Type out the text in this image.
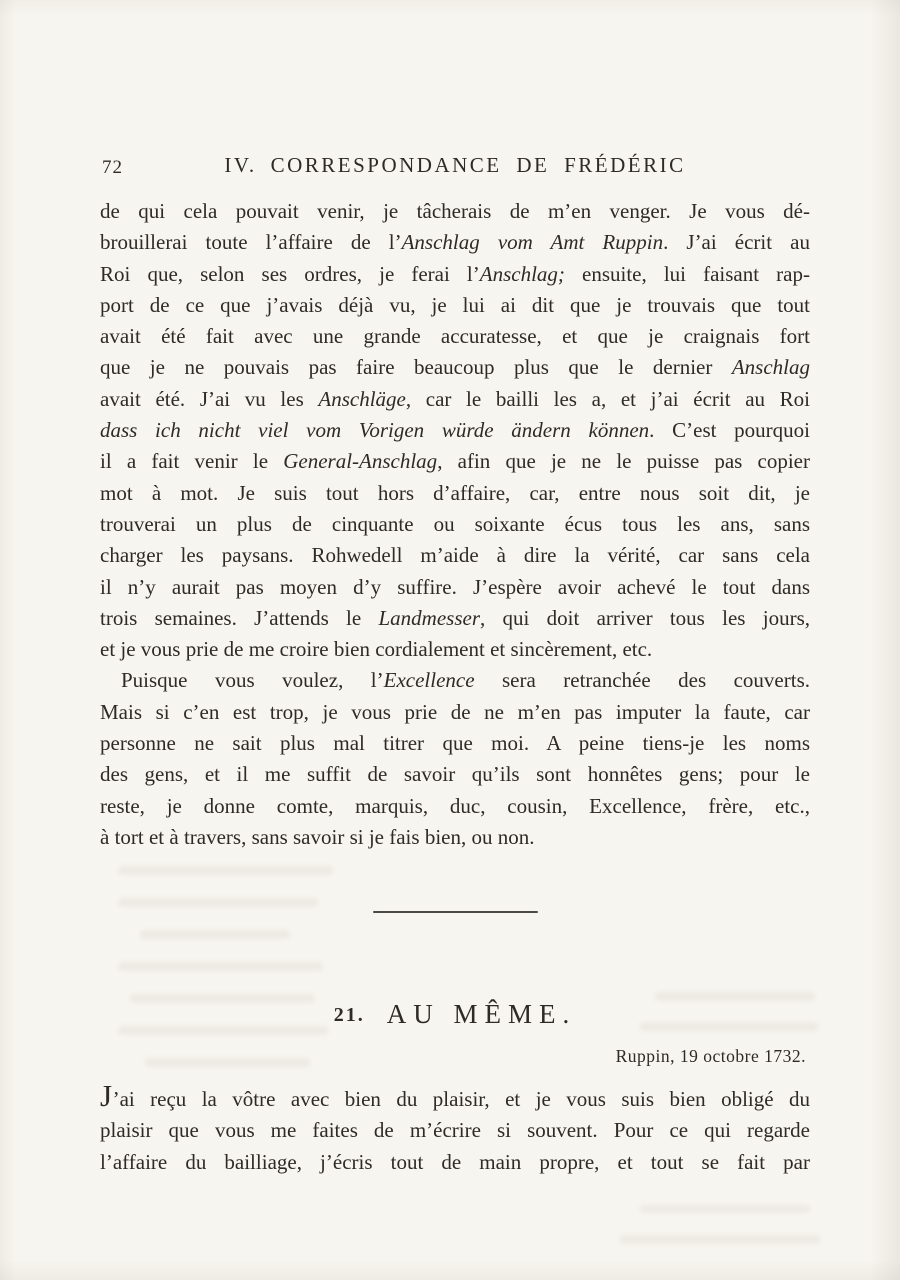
72	IV. CORRESPONDANCE DE FRÉDÉRIC
de qui cela pouvait venir, je tâcherais de m’en venger. Je vous dé-
brouillerai toute l’affaire de l’Anschlag vom Amt Ruppin. J’ai écrit au
Roi que, selon ses ordres, je ferai l’Anschlag; ensuite, lui faisant rap-
port de ce que j’avais déjà vu, je lui ai dit que je trouvais que tout
avait été fait avec une grande accuratesse, et que je craignais fort
que je ne pouvais pas faire beaucoup plus que le dernier Anschlag
avait été. J’ai vu les Anschläge, car le bailli les a, et j’ai écrit au Roi
dass ich nicht viel vom Vorigen würde ändern können. C’est pourquoi
il a fait venir le General-Anschlag, afin que je ne le puisse pas copier
mot à mot. Je suis tout hors d’affaire, car, entre nous soit dit, je
trouverai un plus de cinquante ou soixante écus tous les ans, sans
charger les paysans. Rohwedell m’aide à dire la vérité, car sans cela
il n’y aurait pas moyen d’y suffire. J’espère avoir achevé le tout dans
trois semaines. J’attends le Landmesser, qui doit arriver tous les jours,
et je vous prie de me croire bien cordialement et sincèrement, etc.
Puisque vous voulez, l’Excellence sera retranchée des couverts.
Mais si c’en est trop, je vous prie de ne m’en pas imputer la faute, car
personne ne sait plus mal titrer que moi. A peine tiens-je les noms
des gens, et il me suffit de savoir qu’ils sont honnêtes gens; pour le
reste, je donne comte, marquis, duc, cousin, Excellence, frère, etc.,
à tort et à travers, sans savoir si je fais bien, ou non.
21. AU MÊME.
Ruppin, 19 octobre 1732.
J’ai reçu la vôtre avec bien du plaisir, et je vous suis bien obligé du
plaisir que vous me faites de m’écrire si souvent. Pour ce qui regarde
l’affaire du bailliage, j’écris tout de main propre, et tout se fait par
